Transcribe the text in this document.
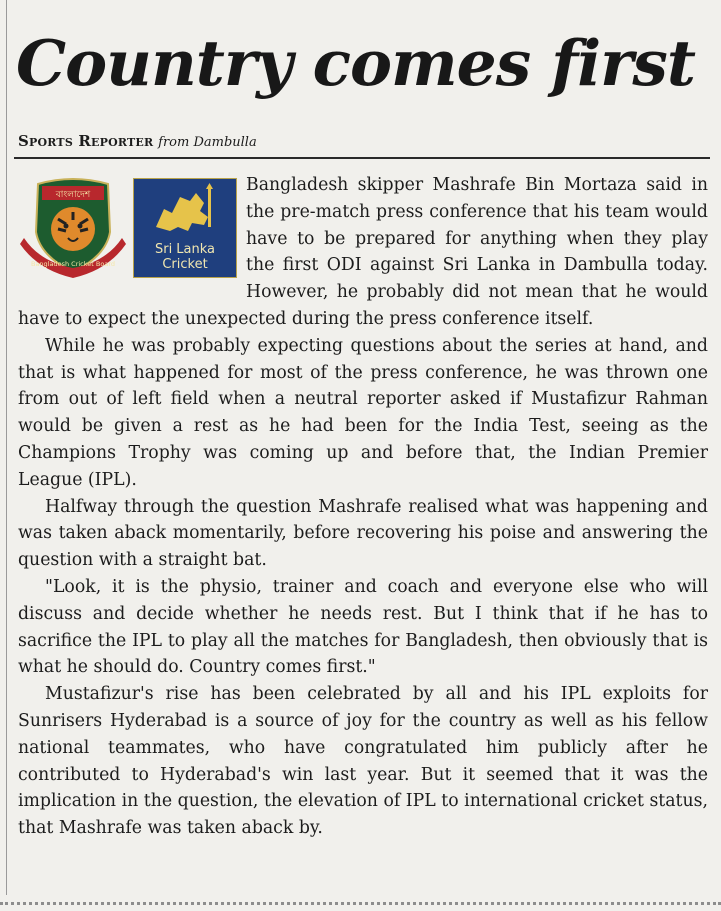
Country comes first
Sports Reporter from Dambulla
বাংলাদেশ
Bangladesh Cricket Board
Sri Lanka
Cricket

Bangladesh skipper Mashrafe Bin Mortaza said in the pre-match press conference that his team would have to be prepared for anything when they play the first ODI against Sri Lanka in Dambulla today. However, he probably did not mean that he would have to expect the unexpected during the press conference itself.

While he was probably expecting questions about the series at hand, and that is what happened for most of the press conference, he was thrown one from out of left field when a neutral reporter asked if Mustafizur Rahman would be given a rest as he had been for the India Test, seeing as the Champions Trophy was coming up and before that, the Indian Premier League (IPL).

Halfway through the question Mashrafe realised what was happening and was taken aback momentarily, before recovering his poise and answering the question with a straight bat.

"Look, it is the physio, trainer and coach and everyone else who will discuss and decide whether he needs rest. But I think that if he has to sacrifice the IPL to play all the matches for Bangladesh, then obviously that is what he should do. Country comes first."

Mustafizur's rise has been celebrated by all and his IPL exploits for Sunrisers Hyderabad is a source of joy for the country as well as his fellow national teammates, who have congratulated him publicly after he contributed to Hyderabad's win last year. But it seemed that it was the implication in the question, the elevation of IPL to international cricket status, that Mashrafe was taken aback by.
